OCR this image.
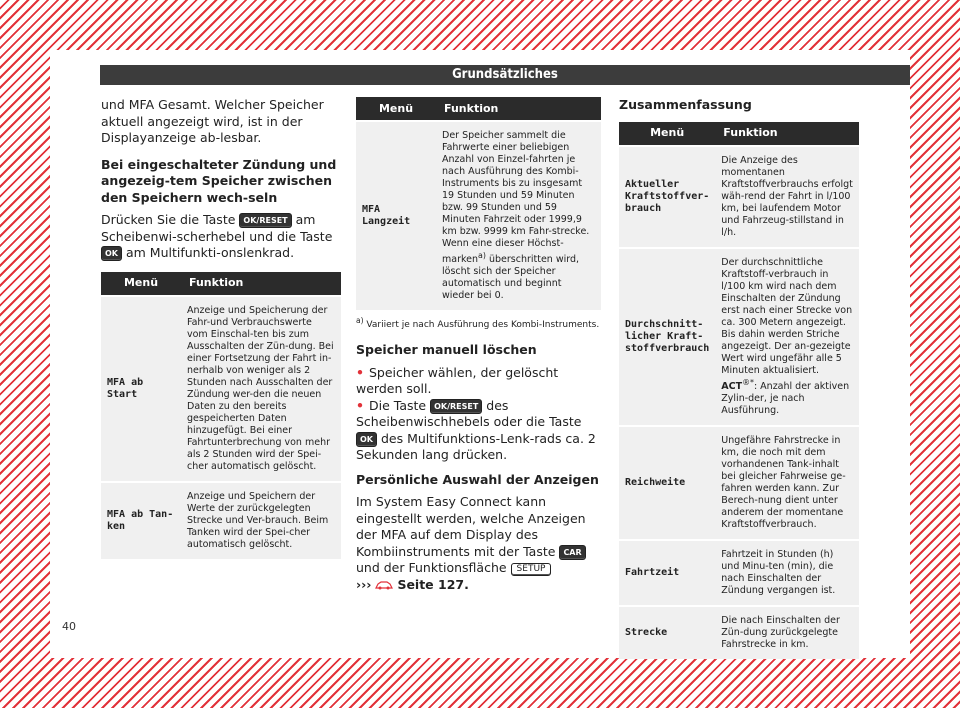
Grundsätzliches

und MFA Gesamt. Welcher Speicher aktuell angezeigt wird, ist in der Displayanzeige ab-lesbar.

Bei eingeschalteter Zündung und angezeig-tem Speicher zwischen den Speichern wech-seln

Drücken Sie die Taste OK/RESET am Scheibenwi-scherhebel und die Taste OK am Multifunkti-onslenkrad.

Menü	Funktion
MFA ab Start	Anzeige und Speicherung der Fahr-und Verbrauchswerte vom Einschal-ten bis zum Ausschalten der Zün-dung. Bei einer Fortsetzung der Fahrt in-nerhalb von weniger als 2 Stunden nach Ausschalten der Zündung wer-den die neuen Daten zu den bereits gespeicherten Daten hinzugefügt. Bei einer Fahrtunterbrechung von mehr als 2 Stunden wird der Spei-cher automatisch gelöscht.
MFA ab Tan-ken	Anzeige und Speichern der Werte der zurückgelegten Strecke und Ver-brauch. Beim Tanken wird der Spei-cher automatisch gelöscht.
Menü	Funktion
MFA Langzeit	Der Speicher sammelt die Fahrwerte einer beliebigen Anzahl von Einzel-fahrten je nach Ausführung des Kombi-Instruments bis zu insgesamt 19 Stunden und 59 Minuten bzw. 99 Stunden und 59 Minuten Fahrzeit oder 1999,9 km bzw. 9999 km Fahr-strecke. Wenn eine dieser Höchst-marken$^{a)}$ überschritten wird, löscht sich der Speicher automatisch und beginnt wieder bei 0.

$^{a)}$ Variiert je nach Ausführung des Kombi-Instruments.

Speicher manuell löschen
• Speicher wählen, der gelöscht werden soll.
• Die Taste OK/RESET des Scheibenwischhebels oder die Taste OK des Multifunktions-Lenk-rads ca. 2 Sekunden lang drücken.
Persönliche Auswahl der Anzeigen

Im System Easy Connect kann eingestellt werden, welche Anzeigen der MFA auf dem Display des Kombiinstruments mit der Taste CAR und der Funktionsfläche SETUP
››› Seite 127.

Zusammenfassung
Menü	Funktion
Aktueller Kraftstoffver-brauch	Die Anzeige des momentanen Kraftstoffverbrauchs erfolgt wäh-rend der Fahrt in l/100 km, bei laufendem Motor und Fahrzeug-stillstand in l/h.
Durchschnitt-licher Kraft-stoffverbrauch	Der durchschnittliche Kraftstoff-verbrauch in l/100 km wird nach dem Einschalten der Zündung erst nach einer Strecke von ca. 300 Metern angezeigt. Bis dahin werden Striche angezeigt. Der an-gezeigte Wert wird ungefähr alle 5 Minuten aktualisiert.
ACT®*: Anzahl der aktiven Zylin-der, je nach Ausführung.
Reichweite	Ungefähre Fahrstrecke in km, die noch mit dem vorhandenen Tank-inhalt bei gleicher Fahrweise ge-fahren werden kann. Zur Berech-nung dient unter anderem der momentane Kraftstoffverbrauch.
Fahrtzeit	Fahrtzeit in Stunden (h) und Minu-ten (min), die nach Einschalten der Zündung vergangen ist.
Strecke	Die nach Einschalten der Zün-dung zurückgelegte Fahrstrecke in km.
40
